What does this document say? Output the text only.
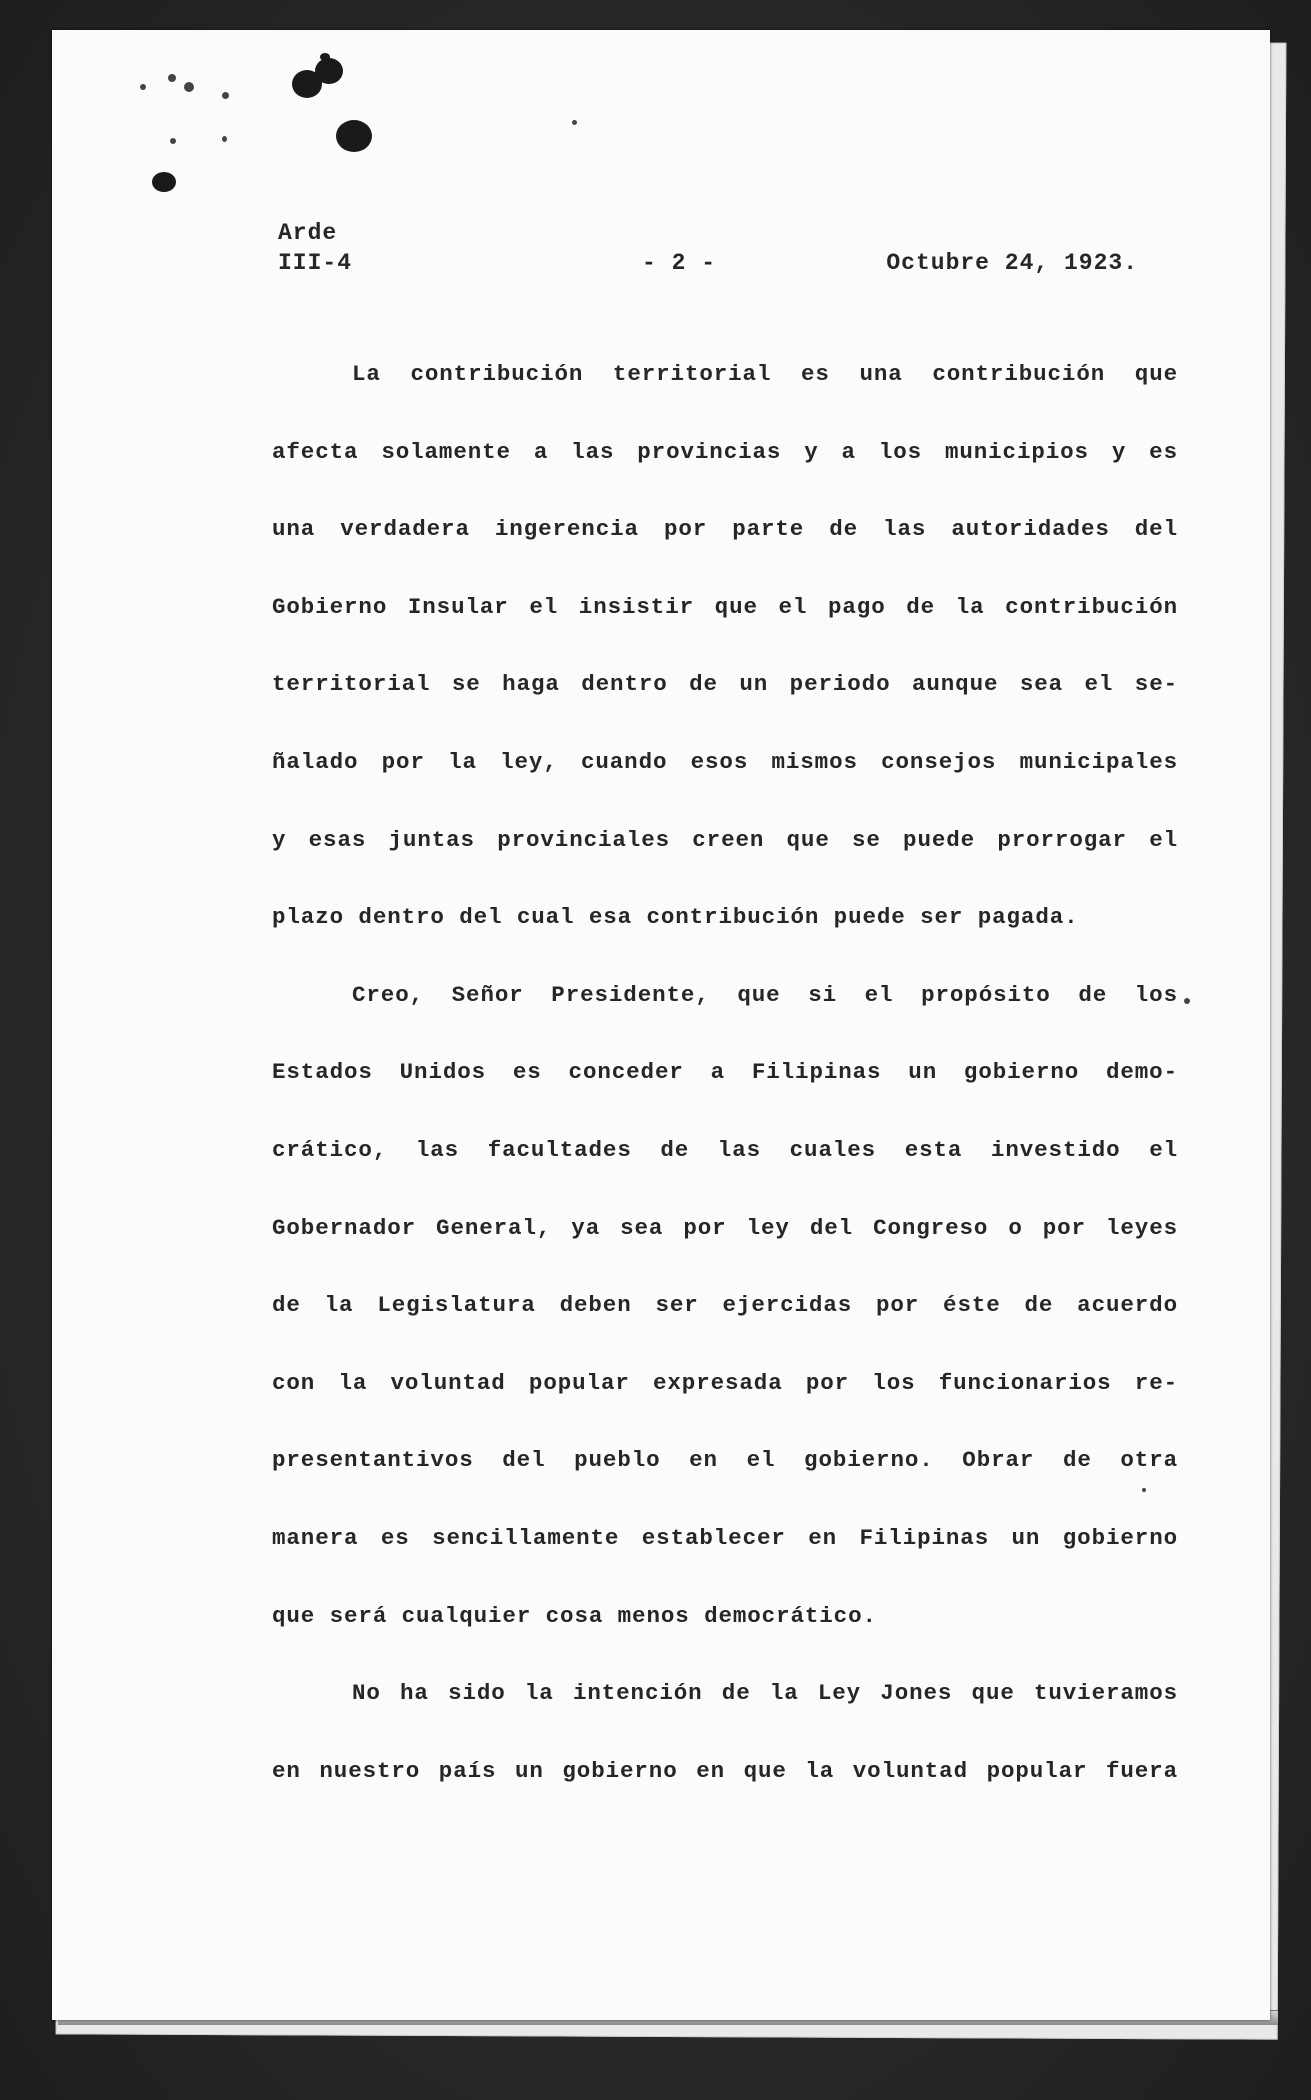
Arde
III-4	- 2 -	Octubre 24, 1923.
La contribución territorial es una contribución que
afecta solamente a las provincias y a los municipios y es
una verdadera ingerencia por parte de las autoridades del
Gobierno Insular el insistir que el pago de la contribución
territorial se haga dentro de un periodo aunque sea el se-
ñalado por la ley, cuando esos mismos consejos municipales
y esas juntas provinciales creen que se puede prorrogar el
plazo dentro del cual esa contribución puede ser pagada.
Creo, Señor Presidente, que si el propósito de los
Estados Unidos es conceder a Filipinas un gobierno demo-
crático, las facultades de las cuales esta investido el
Gobernador General, ya sea por ley del Congreso o por leyes
de la Legislatura deben ser ejercidas por éste de acuerdo
con la voluntad popular expresada por los funcionarios re-
presentantivos del pueblo en el gobierno. Obrar de otra
manera es sencillamente establecer en Filipinas un gobierno
que será cualquier cosa menos democrático.
No ha sido la intención de la Ley Jones que tuvieramos
en nuestro país un gobierno en que la voluntad popular fuera
